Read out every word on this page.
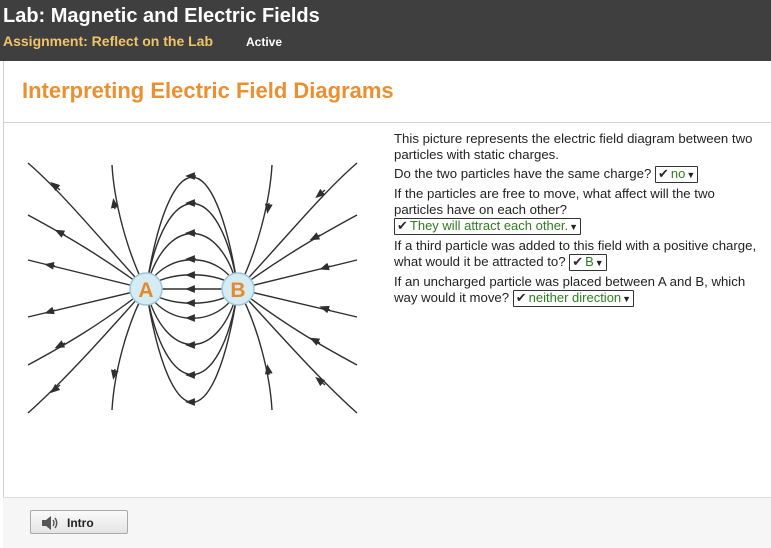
Lab: Magnetic and Electric Fields
Assignment: Reflect on the Lab	Active
Interpreting Electric Field Diagrams
A	B

This picture represents the electric field diagram between two particles with static charges.

Do the two particles have the same charge? ✔ no▼

If the particles are free to move, what affect will the two particles have on each other?
✔ They will attract each other.▼

If a third particle was added to this field with a positive charge, what would it be attracted to? ✔ B▼

If an uncharged particle was placed between A and B, which way would it move? ✔ neither direction▼

Intro
